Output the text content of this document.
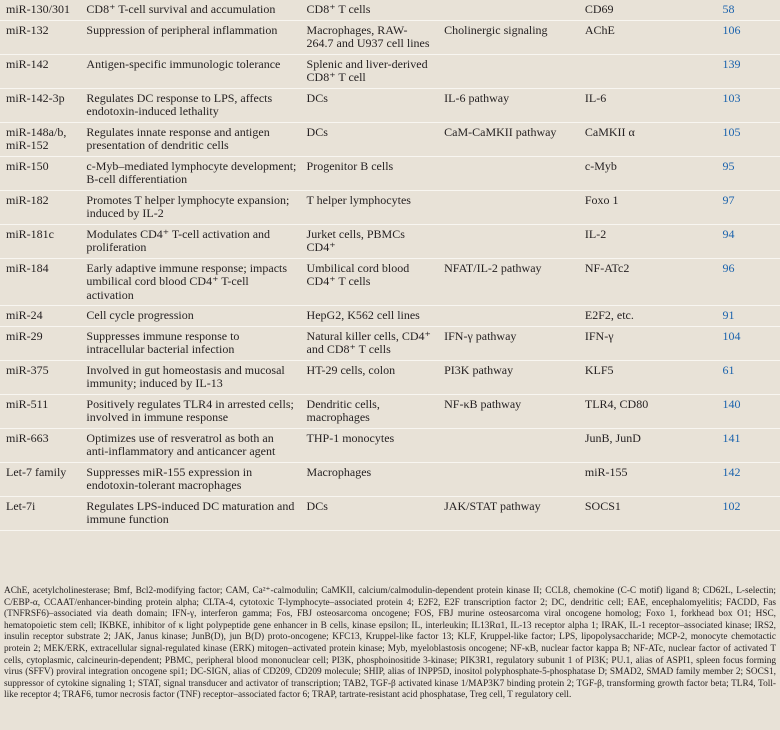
miR-130/301	CD8⁺ T-cell survival and accumulation	CD8⁺ T cells		CD69	58
miR-132	Suppression of peripheral inflammation	Macrophages, RAW-264.7 and U937 cell lines	Cholinergic signaling	AChE	106
miR-142	Antigen-specific immunologic tolerance	Splenic and liver-derived CD8⁺ T cell			139
miR-142-3p	Regulates DC response to LPS, affects endotoxin-induced lethality	DCs	IL-6 pathway	IL-6	103
miR-148a/b, miR-152	Regulates innate response and antigen presentation of dendritic cells	DCs	CaM-CaMKII pathway	CaMKII α	105
miR-150	c-Myb–mediated lymphocyte development; B-cell differentiation	Progenitor B cells		c-Myb	95
miR-182	Promotes T helper lymphocyte expansion; induced by IL-2	T helper lymphocytes		Foxo 1	97
miR-181c	Modulates CD4⁺ T-cell activation and proliferation	Jurket cells, PBMCs CD4⁺		IL-2	94
miR-184	Early adaptive immune response; impacts umbilical cord blood CD4⁺ T-cell activation	Umbilical cord blood CD4⁺ T cells	NFAT/IL-2 pathway	NF-ATc2	96
miR-24	Cell cycle progression	HepG2, K562 cell lines		E2F2, etc.	91
miR-29	Suppresses immune response to intracellular bacterial infection	Natural killer cells, CD4⁺ and CD8⁺ T cells	IFN-γ pathway	IFN-γ	104
miR-375	Involved in gut homeostasis and mucosal immunity; induced by IL-13	HT-29 cells, colon	PI3K pathway	KLF5	61
miR-511	Positively regulates TLR4 in arrested cells; involved in immune response	Dendritic cells, macrophages	NF-κB pathway	TLR4, CD80	140
miR-663	Optimizes use of resveratrol as both an anti-inflammatory and anticancer agent	THP-1 monocytes		JunB, JunD	141
Let-7 family	Suppresses miR-155 expression in endotoxin-tolerant macrophages	Macrophages		miR-155	142
Let-7i	Regulates LPS-induced DC maturation and immune function	DCs	JAK/STAT pathway	SOCS1	102
AChE, acetylcholinesterase; Bmf, Bcl2-modifying factor; CAM, Ca²⁺-calmodulin; CaMKII, calcium/calmodulin-dependent protein kinase II; CCL8, chemokine (C-C motif) ligand 8; CD62L, L-selectin; C/EBP-α, CCAAT/enhancer-binding protein alpha; CLTA-4, cytotoxic T-lymphocyte–associated protein 4; E2F2, E2F transcription factor 2; DC, dendritic cell; EAE, encephalomyelitis; FACDD, Fas (TNFRSF6)–associated via death domain; IFN-γ, interferon gamma; Fos, FBJ osteosarcoma oncogene; FOS, FBJ murine osteosarcoma viral oncogene homolog; Foxo 1, forkhead box O1; HSC, hematopoietic stem cell; IKBKE, inhibitor of κ light polypeptide gene enhancer in B cells, kinase epsilon; IL, interleukin; IL13Rα1, IL-13 receptor alpha 1; IRAK, IL-1 receptor–associated kinase; IRS2, insulin receptor substrate 2; JAK, Janus kinase; JunB(D), jun B(D) proto-oncogene; KFC13, Kruppel-like factor 13; KLF, Kruppel-like factor; LPS, lipopolysaccharide; MCP-2, monocyte chemotactic protein 2; MEK/ERK, extracellular signal-regulated kinase (ERK) mitogen–activated protein kinase; Myb, myeloblastosis oncogene; NF-κB, nuclear factor kappa B; NF-ATc, nuclear factor of activated T cells, cytoplasmic, calcineurin-dependent; PBMC, peripheral blood mononuclear cell; PI3K, phosphoinositide 3-kinase; PIK3R1, regulatory subunit 1 of PI3K; PU.1, alias of ASPI1, spleen focus forming virus (SFFV) proviral integration oncogene spi1; DC-SIGN, alias of CD209, CD209 molecule; SHIP, alias of INPP5D, inositol polyphosphate-5-phosphatase D; SMAD2, SMAD family member 2; SOCS1, suppressor of cytokine signaling 1; STAT, signal transducer and activator of transcription; TAB2, TGF-β activated kinase 1/MAP3K7 binding protein 2; TGF-β, transforming growth factor beta; TLR4, Toll-like receptor 4; TRAF6, tumor necrosis factor (TNF) receptor–associated factor 6; TRAP, tartrate-resistant acid phosphatase, Treg cell, T regulatory cell.
